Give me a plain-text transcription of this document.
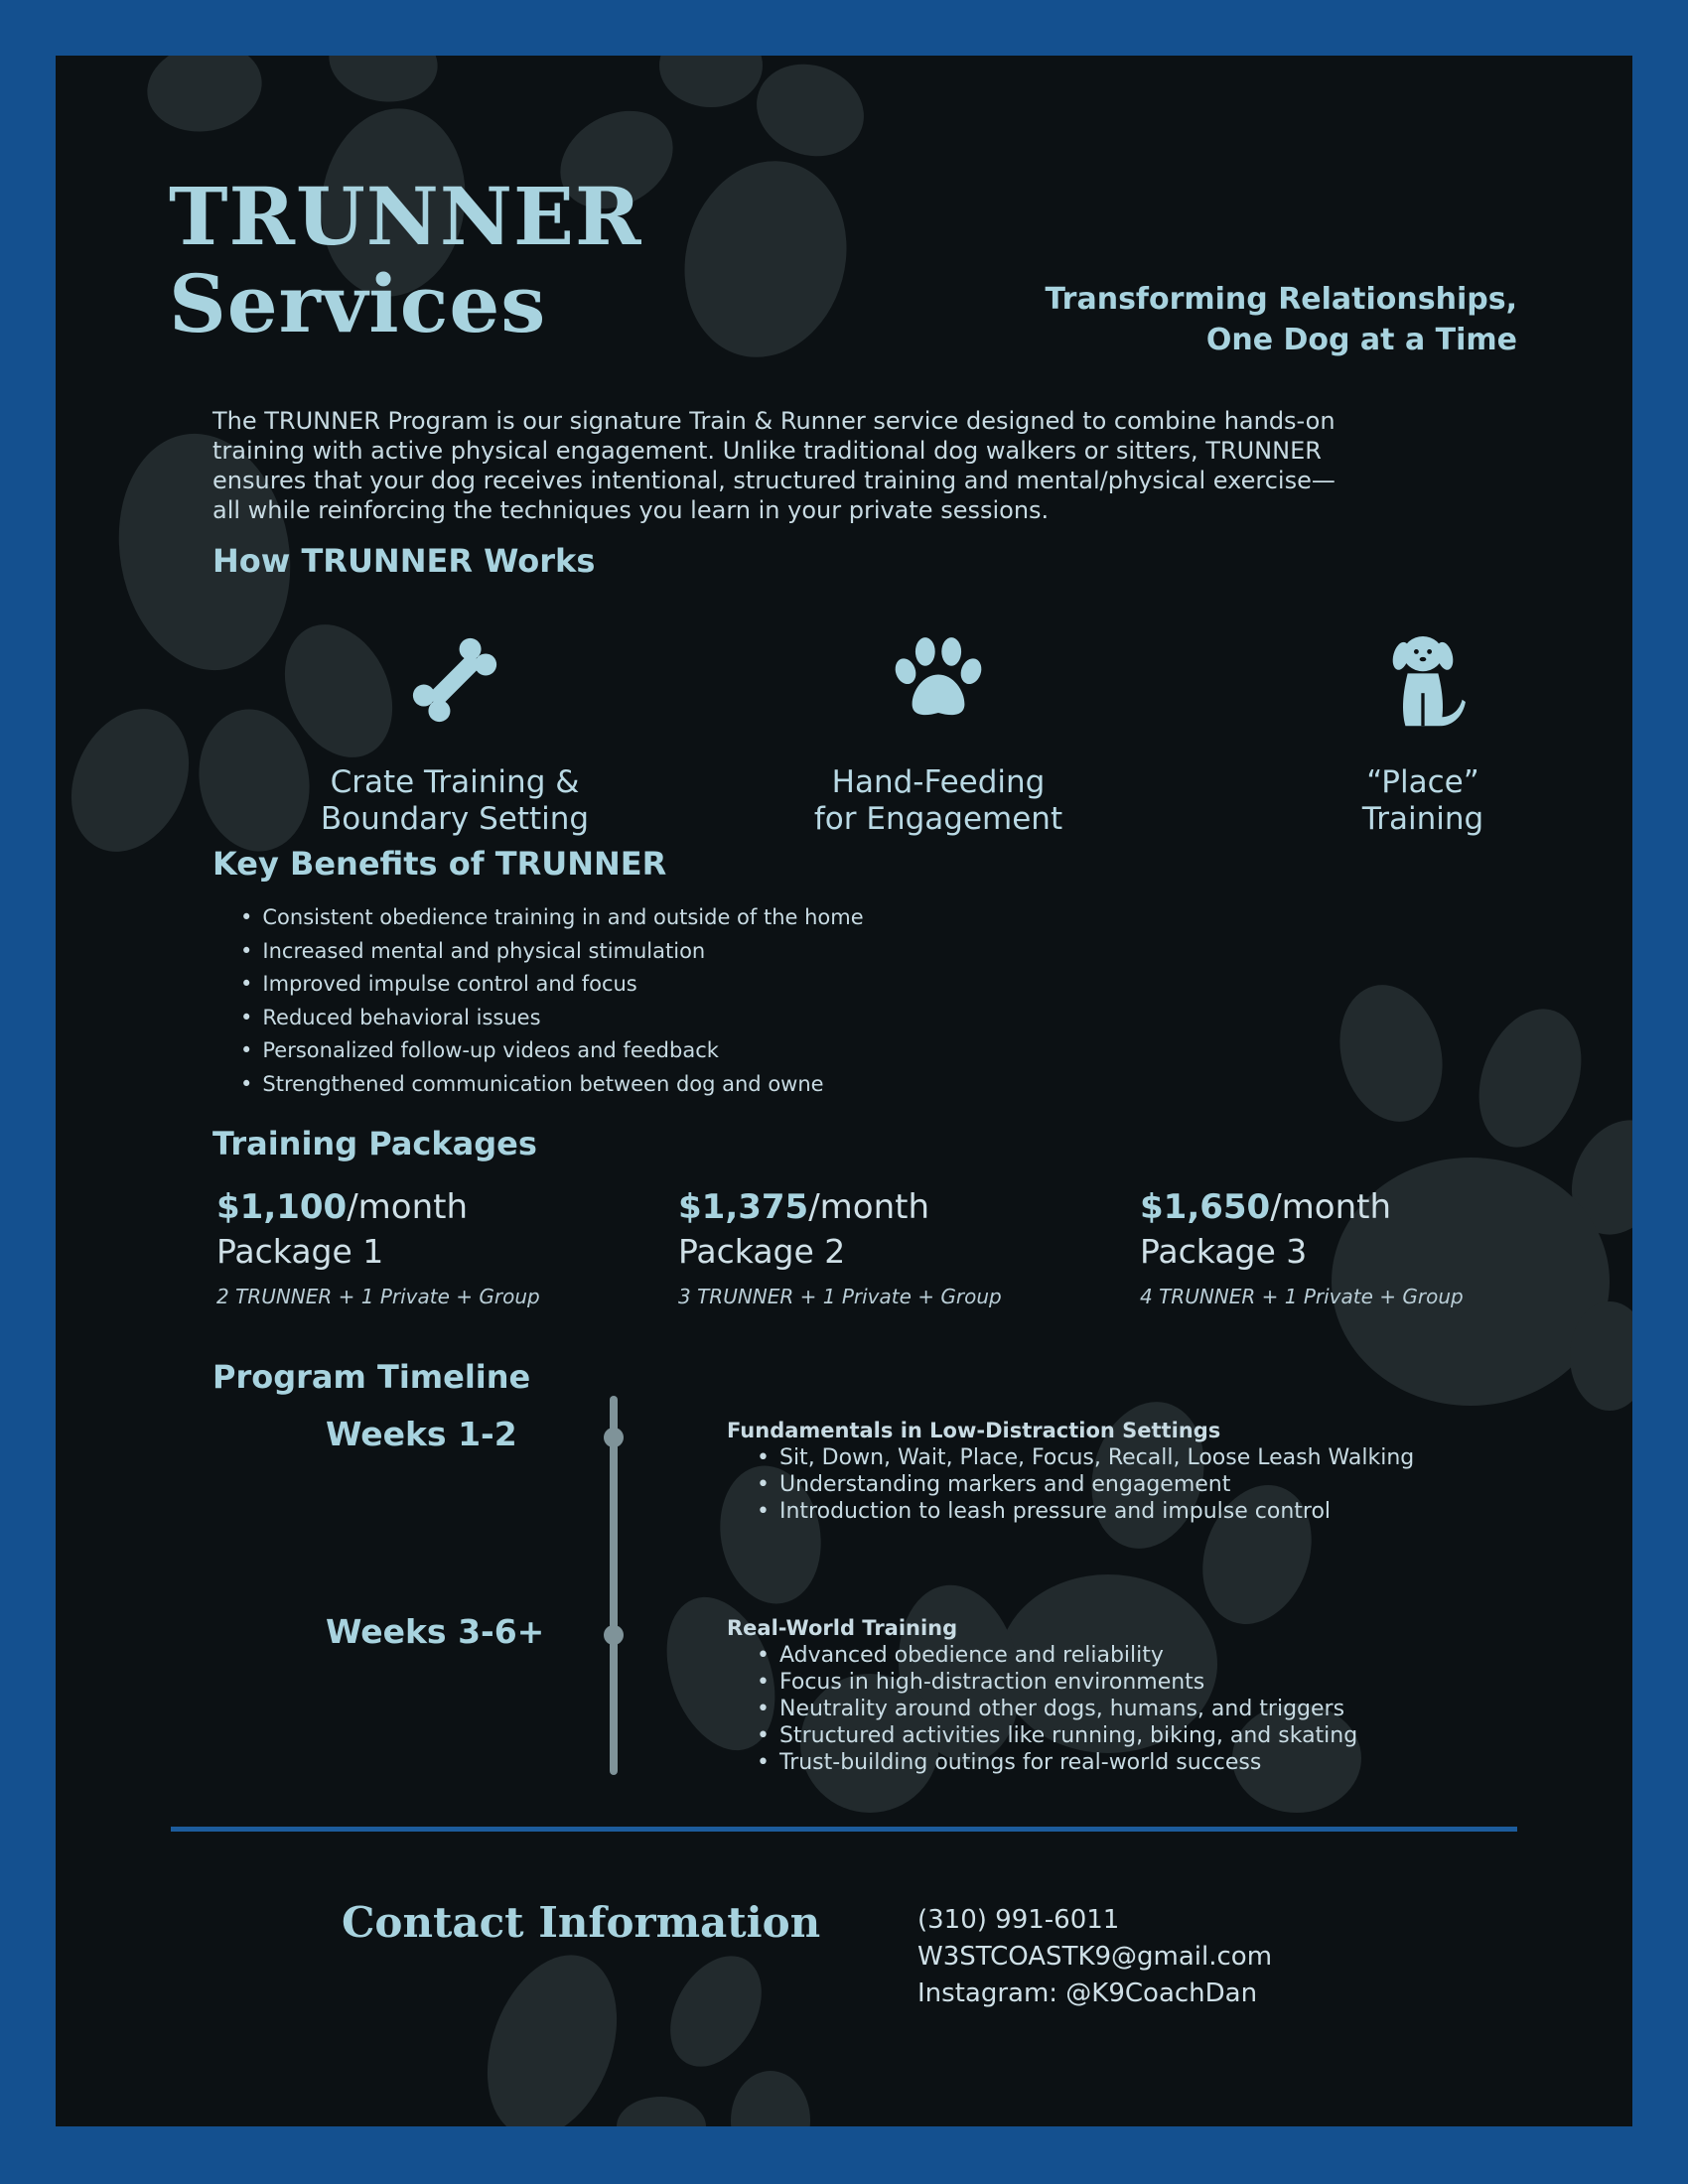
TRUNNER
Services	Transforming Relationships,
One Dog at a Time
The TRUNNER Program is our signature Train & Runner service designed to combine hands-on
training with active physical engagement. Unlike traditional dog walkers or sitters, TRUNNER
ensures that your dog receives intentional, structured training and mental/physical exercise—
all while reinforcing the techniques you learn in your private sessions.
How TRUNNER Works
Crate Training &
Boundary Setting
Hand-Feeding
for Engagement
“Place”
Training
Key Benefits of TRUNNER
• Consistent obedience training in and outside of the home
• Increased mental and physical stimulation
• Improved impulse control and focus
• Reduced behavioral issues
• Personalized follow-up videos and feedback
• Strengthened communication between dog and owne
Training Packages
$1,100/month
Package 1
2 TRUNNER + 1 Private + Group
$1,375/month
Package 2
3 TRUNNER + 1 Private + Group
$1,650/month
Package 3
4 TRUNNER + 1 Private + Group
Program Timeline
Weeks 1-2
Weeks 3-6+
Fundamentals in Low-Distraction Settings
• Sit, Down, Wait, Place, Focus, Recall, Loose Leash Walking
• Understanding markers and engagement
• Introduction to leash pressure and impulse control
Real-World Training
• Advanced obedience and reliability
• Focus in high-distraction environments
• Neutrality around other dogs, humans, and triggers
• Structured activities like running, biking, and skating
• Trust-building outings for real-world success
Contact Information	(310) 991-6011
W3STCOASTK9@gmail.com
Instagram: @K9CoachDan
